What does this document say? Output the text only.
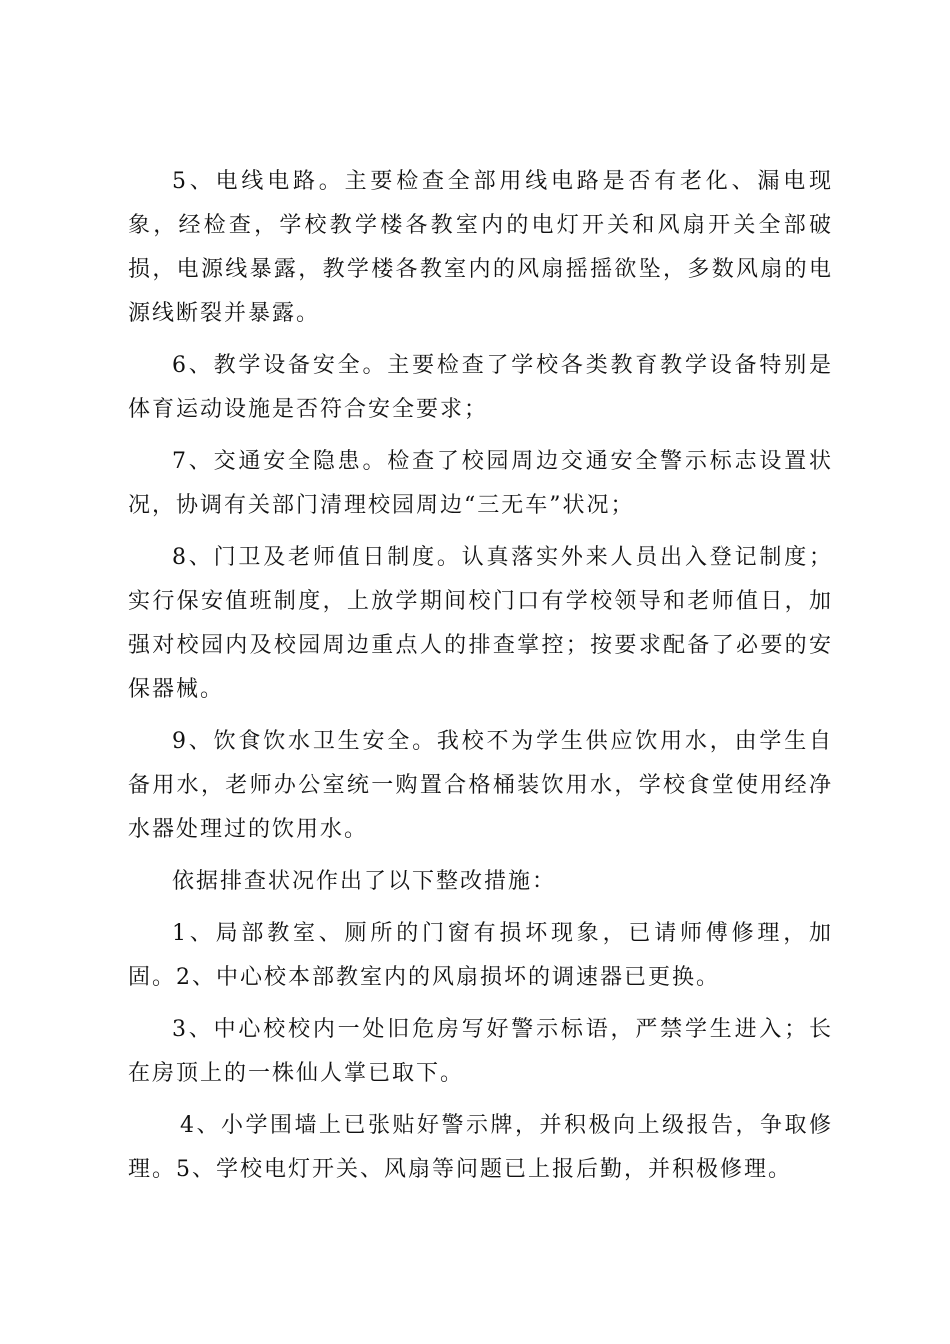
5、电线电路。主要检查全部用线电路是否有老化、漏电现象，经检查，学校教学楼各教室内的电灯开关和风扇开关全部破损，电源线暴露，教学楼各教室内的风扇摇摇欲坠，多数风扇的电源线断裂并暴露。

6、教学设备安全。主要检查了学校各类教育教学设备特别是体育运动设施是否符合安全要求；

7、交通安全隐患。检查了校园周边交通安全警示标志设置状况，协调有关部门清理校园周边“三无车”状况；

8、门卫及老师值日制度。认真落实外来人员出入登记制度；实行保安值班制度，上放学期间校门口有学校领导和老师值日，加强对校园内及校园周边重点人的排查掌控；按要求配备了必要的安保器械。

9、饮食饮水卫生安全。我校不为学生供应饮用水，由学生自备用水，老师办公室统一购置合格桶装饮用水，学校食堂使用经净水器处理过的饮用水。

依据排查状况作出了以下整改措施：

1、局部教室、厕所的门窗有损坏现象，已请师傅修理，加固。2、中心校本部教室内的风扇损坏的调速器已更换。

3、中心校校内一处旧危房写好警示标语，严禁学生进入；长在房顶上的一株仙人掌已取下。

4、小学围墙上已张贴好警示牌，并积极向上级报告，争取修理。5、学校电灯开关、风扇等问题已上报后勤，并积极修理。
